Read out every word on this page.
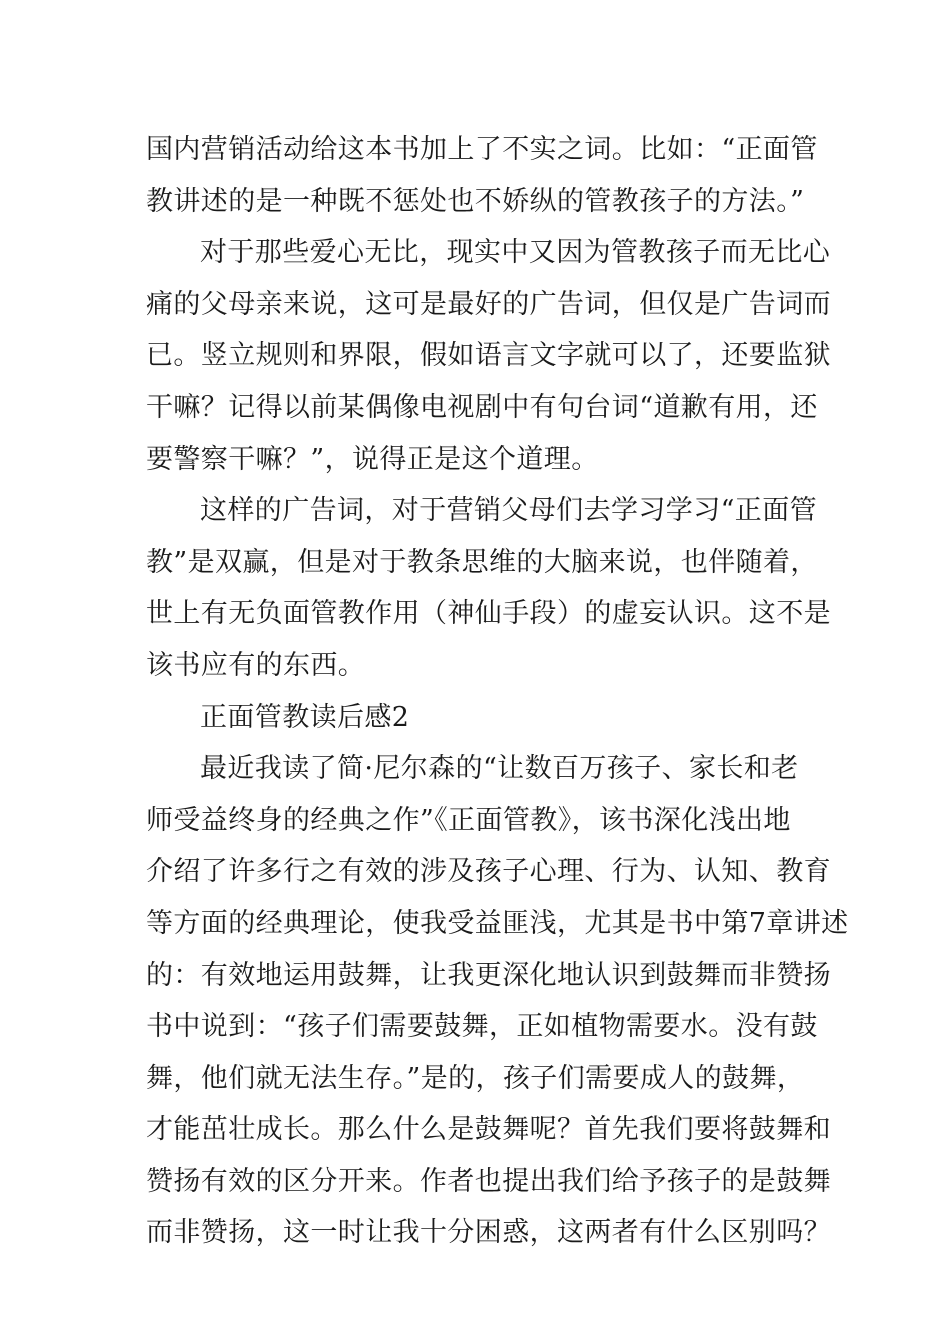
国内营销活动给这本书加上了不实之词。比如：“正面管
教讲述的是一种既不惩处也不娇纵的管教孩子的方法。”
对于那些爱心无比，现实中又因为管教孩子而无比心
痛的父母亲来说，这可是最好的广告词，但仅是广告词而
已。竖立规则和界限，假如语言文字就可以了，还要监狱
干嘛？记得以前某偶像电视剧中有句台词“道歉有用，还
要警察干嘛？”，说得正是这个道理。
这样的广告词，对于营销父母们去学习学习“正面管
教”是双赢，但是对于教条思维的大脑来说，也伴随着，
世上有无负面管教作用（神仙手段）的虚妄认识。这不是
该书应有的东西。
正面管教读后感2
最近我读了简·尼尔森的“让数百万孩子、家长和老
师受益终身的经典之作”《正面管教》，该书深化浅出地
介绍了许多行之有效的涉及孩子心理、行为、认知、教育
等方面的经典理论，使我受益匪浅，尤其是书中第7章讲述
的：有效地运用鼓舞，让我更深化地认识到鼓舞而非赞扬
书中说到：“孩子们需要鼓舞，正如植物需要水。没有鼓
舞，他们就无法生存。”是的，孩子们需要成人的鼓舞，
才能茁壮成长。那么什么是鼓舞呢？首先我们要将鼓舞和
赞扬有效的区分开来。作者也提出我们给予孩子的是鼓舞
而非赞扬，这一时让我十分困惑，这两者有什么区别吗？
